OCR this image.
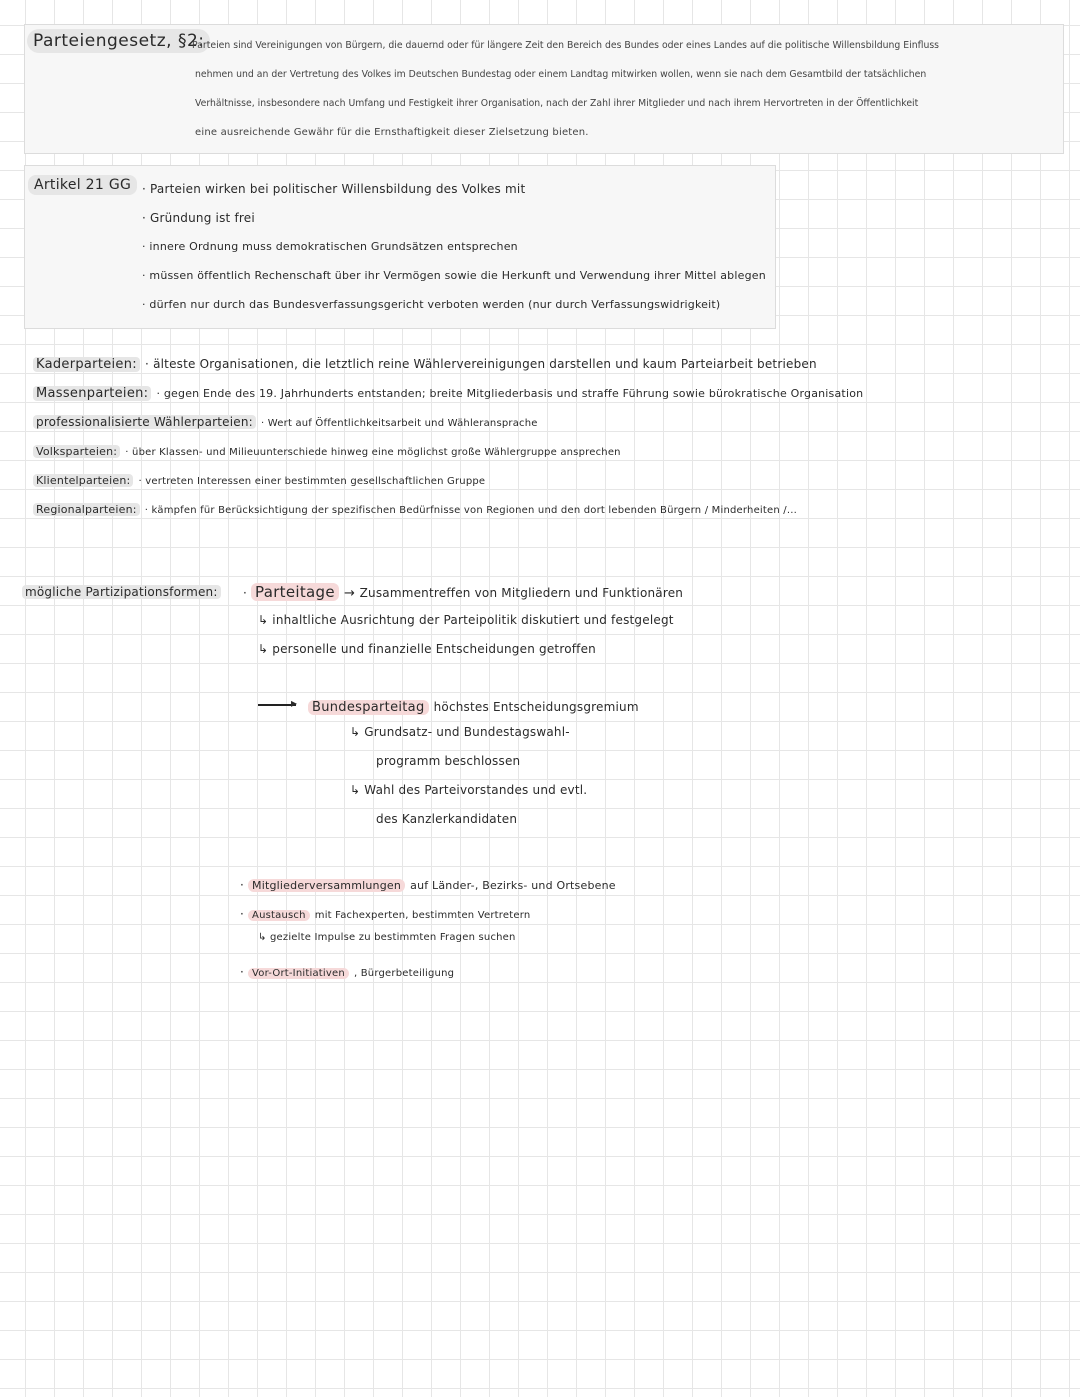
Parteiengesetz, §2:
Parteien sind Vereinigungen von Bürgern, die dauernd oder für längere Zeit den Bereich des Bundes oder eines Landes auf die politische Willensbildung Einfluss
nehmen und an der Vertretung des Volkes im Deutschen Bundestag oder einem Landtag mitwirken wollen, wenn sie nach dem Gesamtbild der tatsächlichen
Verhältnisse, insbesondere nach Umfang und Festigkeit ihrer Organisation, nach der Zahl ihrer Mitglieder und nach ihrem Hervortreten in der Öffentlichkeit
eine ausreichende Gewähr für die Ernsthaftigkeit dieser Zielsetzung bieten.
Artikel 21 GG · Parteien wirken bei politischer Willensbildung des Volkes mit
· Gründung ist frei
· innere Ordnung muss demokratischen Grundsätzen entsprechen
· müssen öffentlich Rechenschaft über ihr Vermögen sowie die Herkunft und Verwendung ihrer Mittel ablegen
· dürfen nur durch das Bundesverfassungsgericht verboten werden (nur durch Verfassungswidrigkeit)
Kaderparteien: · älteste Organisationen, die letztlich reine Wählervereinigungen darstellen und kaum Parteiarbeit betrieben
Massenparteien: · gegen Ende des 19. Jahrhunderts entstanden; breite Mitgliederbasis und straffe Führung sowie bürokratische Organisation
professionalisierte Wählerparteien: · Wert auf Öffentlichkeitsarbeit und Wähleransprache
Volksparteien: · über Klassen- und Milieuunterschiede hinweg eine möglichst große Wählergruppe ansprechen
Klientelparteien: · vertreten Interessen einer bestimmten gesellschaftlichen Gruppe
Regionalparteien: · kämpfen für Berücksichtigung der spezifischen Bedürfnisse von Regionen und den dort lebenden Bürgern / Minderheiten /...
mögliche Partizipationsformen: · Parteitage → Zusammentreffen von Mitgliedern und Funktionären
↳ inhaltliche Ausrichtung der Parteipolitik diskutiert und festgelegt
↳ personelle und finanzielle Entscheidungen getroffen
▸	Bundesparteitag höchstes Entscheidungsgremium
↳ Grundsatz- und Bundestagswahl-
programm beschlossen
↳ Wahl des Parteivorstandes und evtl.
des Kanzlerkandidaten
· Mitgliederversammlungen auf Länder-, Bezirks- und Ortsebene
· Austausch mit Fachexperten, bestimmten Vertretern
↳ gezielte Impulse zu bestimmten Fragen suchen
· Vor-Ort-Initiativen , Bürgerbeteiligung
